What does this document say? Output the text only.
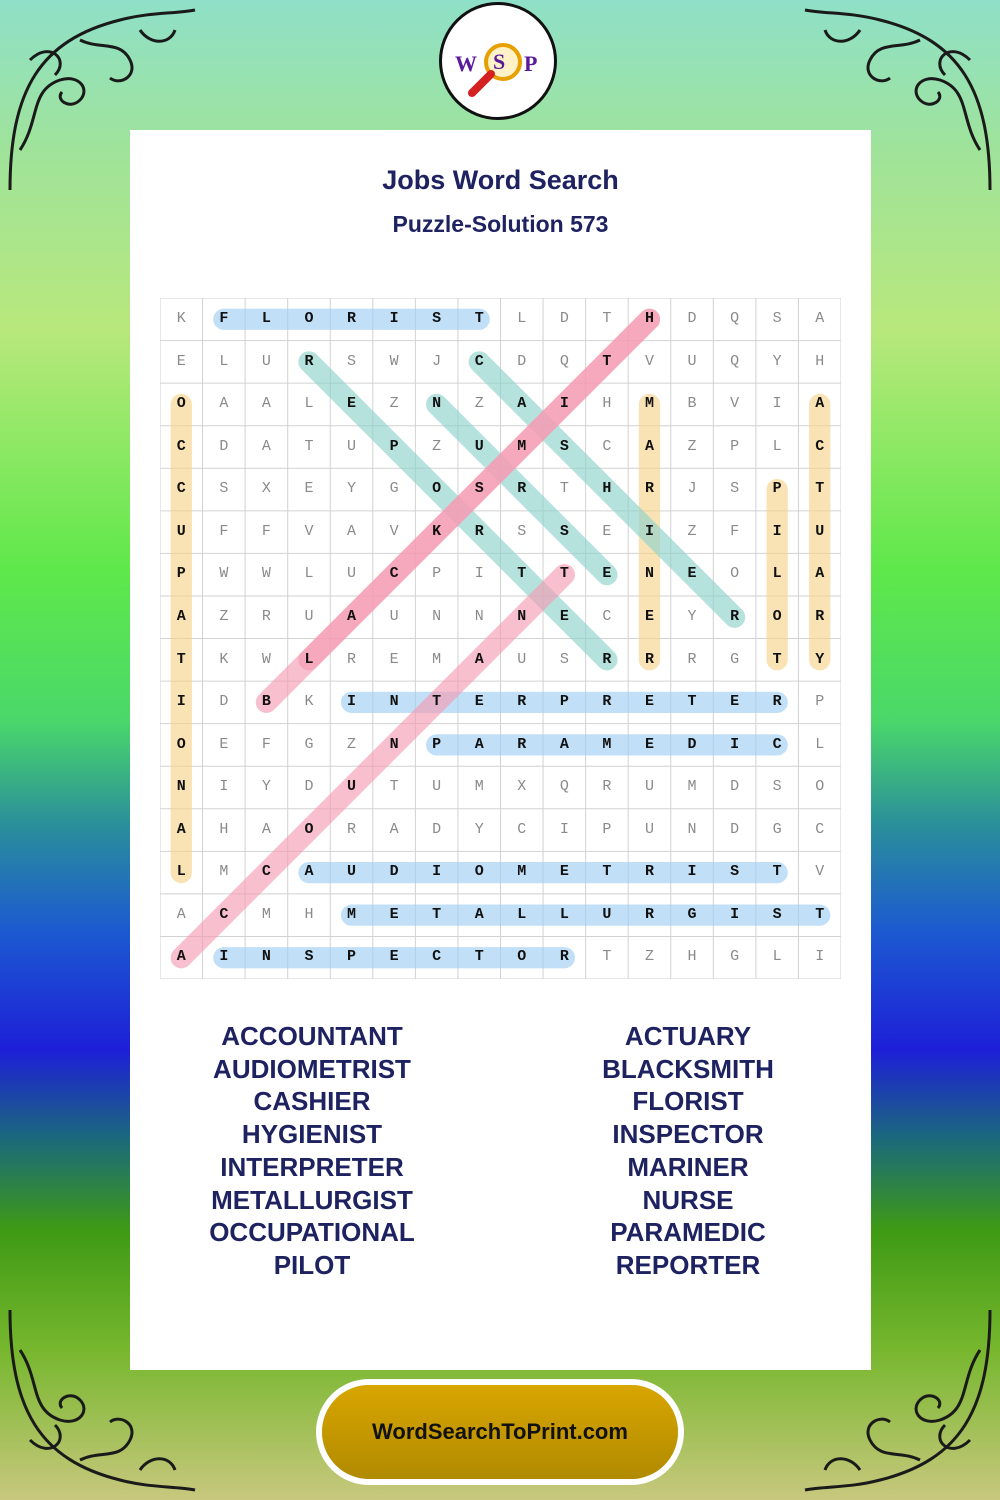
W S P
Jobs Word Search
Puzzle-Solution 573
K	F	L	O	R	I	S	T	L	D	T	H	D	Q	S	A
E	L	U	R	S	W	J	C	D	Q	T	V	U	Q	Y	H
O	A	A	L	E	Z	N	Z	A	I	H	M	B	V	I	A
C	D	A	T	U	P	Z	U	M	S	C	A	Z	P	L	C
C	S	X	E	Y	G	O	S	R	T	H	R	J	S	P	T
U	F	F	V	A	V	K	R	S	S	E	I	Z	F	I	U
P	W	W	L	U	C	P	I	T	T	E	N	E	O	L	A
A	Z	R	U	A	U	N	N	N	E	C	E	Y	R	O	R
T	K	W	L	R	E	M	A	U	S	R	R	R	G	T	Y
I	D	B	K	I	N	T	E	R	P	R	E	T	E	R	P
O	E	F	G	Z	N	P	A	R	A	M	E	D	I	C	L
N	I	Y	D	U	T	U	M	X	Q	R	U	M	D	S	O
A	H	A	O	R	A	D	Y	C	I	P	U	N	D	G	C
L	M	C	A	U	D	I	O	M	E	T	R	I	S	T	V
A	C	M	H	M	E	T	A	L	L	U	R	G	I	S	T
A	I	N	S	P	E	C	T	O	R	T	Z	H	G	L	I
ACCOUNTANT
AUDIOMETRIST
CASHIER
HYGIENIST
INTERPRETER
METALLURGIST
OCCUPATIONAL
PILOT
ACTUARY
BLACKSMITH
FLORIST
INSPECTOR
MARINER
NURSE
PARAMEDIC
REPORTER
WordSearchToPrint.com
